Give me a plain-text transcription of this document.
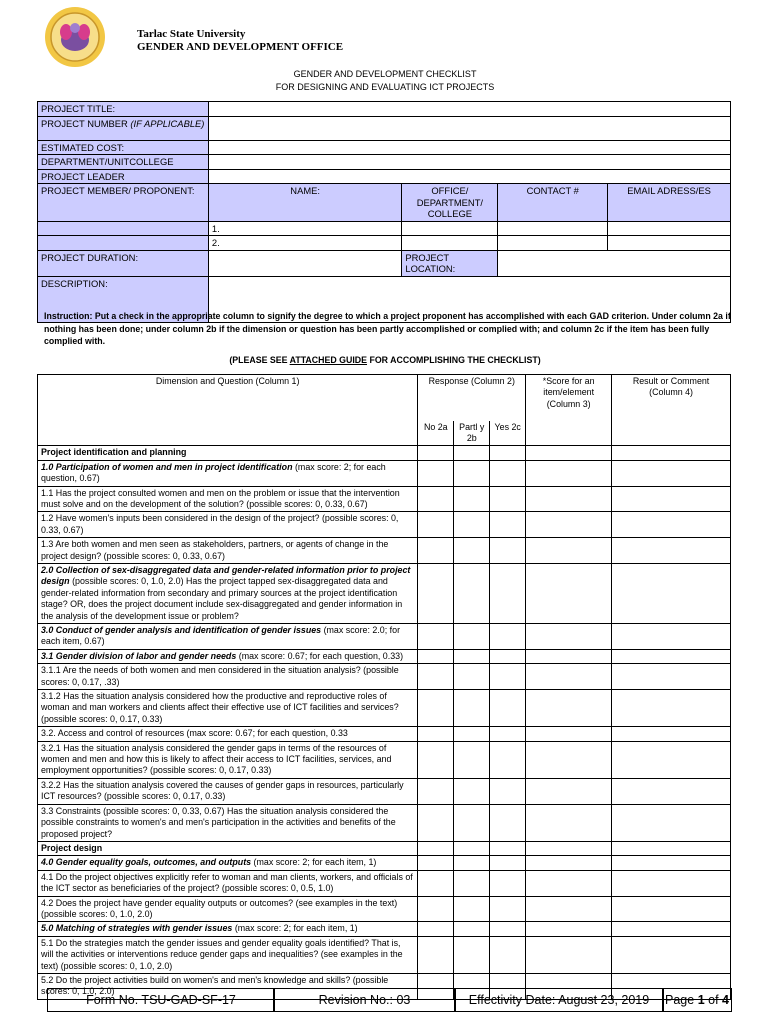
Tarlac State University
GENDER AND DEVELOPMENT OFFICE
GENDER AND DEVELOPMENT CHECKLIST
FOR DESIGNING AND EVALUATING ICT PROJECTS
PROJECT TITLE:				
PROJECT NUMBER (IF APPLICABLE)				
ESTIMATED COST:				
DEPARTMENT/UNITCOLLEGE				
PROJECT LEADER				
PROJECT MEMBER/ PROPONENT:	NAME:	OFFICE/ DEPARTMENT/ COLLEGE	CONTACT #	EMAIL ADRESS/ES
	1.			
	2.			
PROJECT DURATION:		PROJECT LOCATION:		
DESCRIPTION:				
Instruction: Put a check in the appropriate column to signify the degree to which a project proponent has accomplished with each GAD criterion. Under column 2a if nothing has been done; under column 2b if the dimension or question has been partly accomplished or complied with; and column 2c if the item has been fully complied with.
(PLEASE SEE ATTACHED GUIDE FOR ACCOMPLISHING THE CHECKLIST)
Dimension and Question (Column 1)	Response (Column 2)			*Score for an item/element (Column 3)	Result or Comment (Column 4)
	No 2a	Partl y 2b	Yes 2c		
Project identification and planning					
1.0 Participation of women and men in project identification (max score: 2; for each question, 0.67)					
1.1 Has the project consulted women and men on the problem or issue that the intervention must solve and on the development of the solution? (possible scores: 0, 0.33, 0.67)					
1.2 Have women's inputs been considered in the design of the project? (possible scores: 0, 0.33, 0.67)					
1.3 Are both women and men seen as stakeholders, partners, or agents of change in the project design? (possible scores: 0, 0.33, 0.67)					
2.0 Collection of sex-disaggregated data and gender-related information prior to project design (possible scores: 0, 1.0, 2.0) Has the project tapped sex-disaggregated data and gender-related information from secondary and primary sources at the project identification stage? OR, does the project document include sex-disaggregated and gender information in the analysis of the development issue or problem?					
3.0 Conduct of gender analysis and identification of gender issues (max score: 2.0; for each item, 0.67)					
3.1 Gender division of labor and gender needs (max score: 0.67; for each question, 0.33)					
3.1.1 Are the needs of both women and men considered in the situation analysis? (possible scores: 0, 0.17, .33)					
3.1.2 Has the situation analysis considered how the productive and reproductive roles of woman and man workers and clients affect their effective use of ICT facilities and services? (possible scores: 0, 0.17, 0.33)					
3.2. Access and control of resources (max score: 0.67; for each question, 0.33					
3.2.1 Has the situation analysis considered the gender gaps in terms of the resources of women and men and how this is likely to affect their access to ICT facilities, services, and employment opportunities? (possible scores: 0, 0.17, 0.33)					
3.2.2 Has the situation analysis covered the causes of gender gaps in resources, particularly ICT resources? (possible scores: 0, 0.17, 0.33)					
3.3 Constraints (possible scores: 0, 0.33, 0.67) Has the situation analysis considered the possible constraints to women's and men's participation in the activities and benefits of the proposed project?					
Project design					
4.0 Gender equality goals, outcomes, and outputs (max score: 2; for each item, 1)					
4.1 Do the project objectives explicitly refer to woman and man clients, workers, and officials of the ICT sector as beneficiaries of the project? (possible scores: 0, 0.5, 1.0)					
4.2 Does the project have gender equality outputs or outcomes? (see examples in the text) (possible scores: 0, 1.0, 2.0)					
5.0 Matching of strategies with gender issues (max score: 2; for each item, 1)					
5.1 Do the strategies match the gender issues and gender equality goals identified? That is, will the activities or interventions reduce gender gaps and inequalities? (see examples in the text) (possible scores: 0, 1.0, 2.0)					
5.2 Do the project activities build on women's and men's knowledge and skills? (possible scores: 0, 1.0, 2.0)					
Form No. TSU-GAD-SF-17	Revision No.: 03	Effectivity Date: August 23, 2019	Page 1 of 4
